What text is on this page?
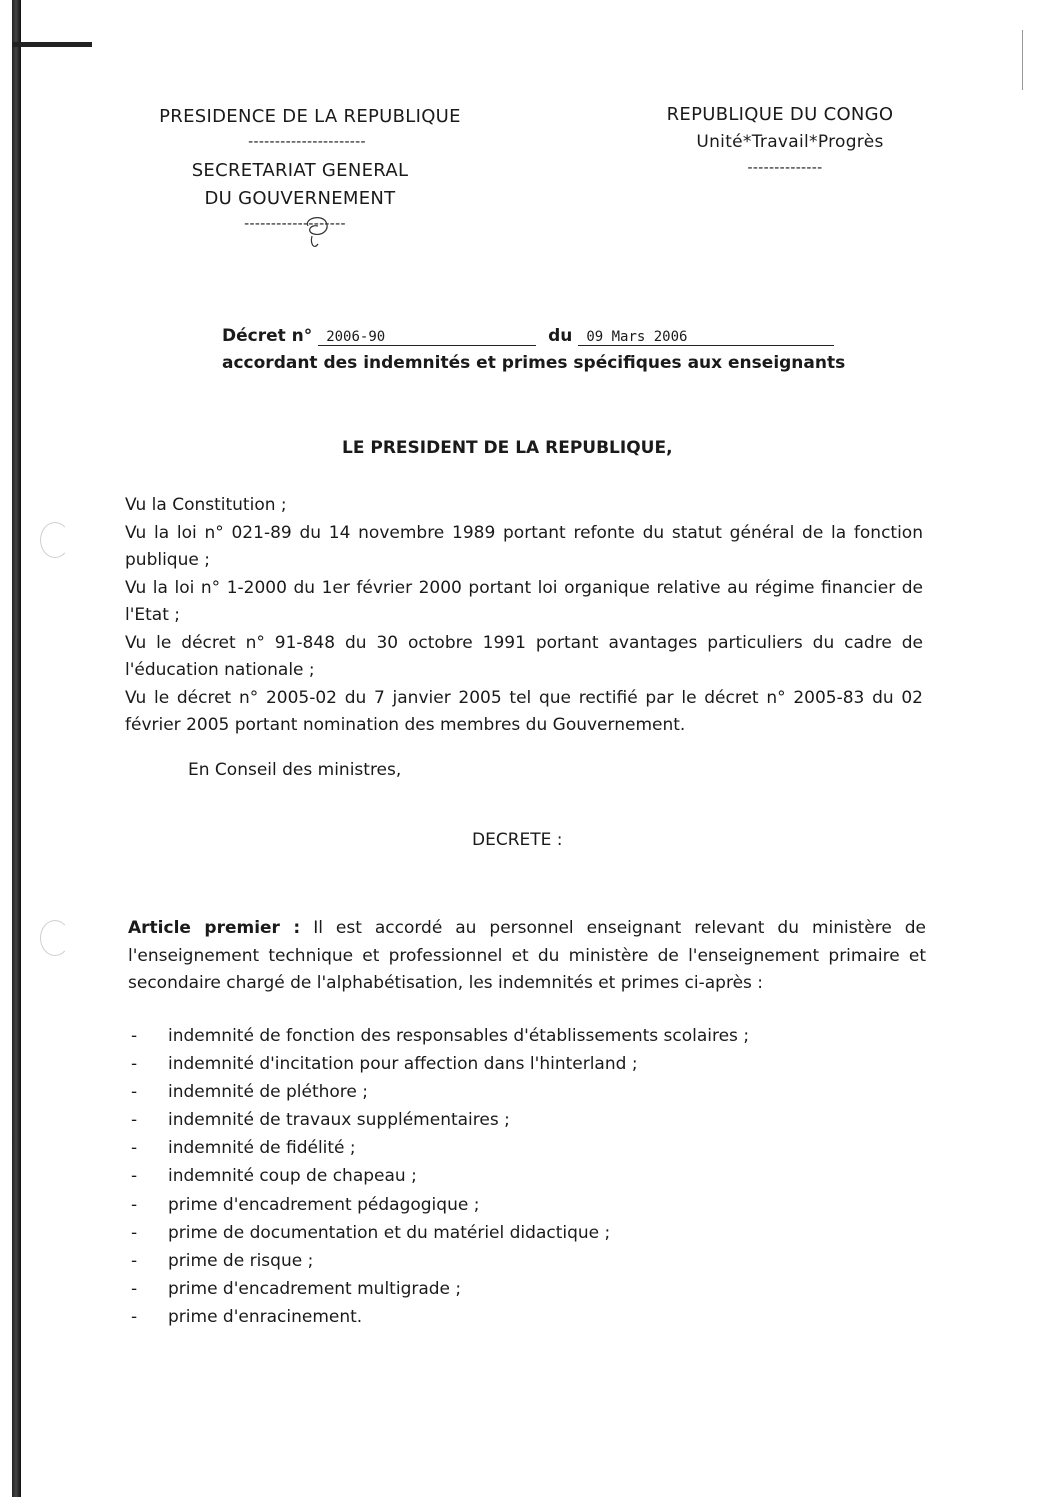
PRESIDENCE DE LA REPUBLIQUE
----------------------
SECRETARIAT GENERAL
DU GOUVERNEMENT
-------------------
REPUBLIQUE DU CONGO
Unité*Travail*Progrès
--------------
Décret n° 2006-90	du 09 Mars 2006
accordant des indemnités et primes spécifiques aux enseignants
LE PRESIDENT DE LA REPUBLIQUE,
Vu la Constitution ;
Vu la loi n° 021-89 du 14 novembre 1989 portant refonte du statut général de la fonction publique ;
Vu la loi n° 1-2000 du 1er février 2000 portant loi organique relative au régime financier de l'Etat ;
Vu le décret n° 91-848 du 30 octobre 1991 portant avantages particuliers du cadre de l'éducation nationale ;
Vu le décret n° 2005-02 du 7 janvier 2005 tel que rectifié par le décret n° 2005-83 du 02 février 2005 portant nomination des membres du Gouvernement.
En Conseil des ministres,
DECRETE :
Article premier : Il est accordé au personnel enseignant relevant du ministère de l'enseignement technique et professionnel et du ministère de l'enseignement primaire et secondaire chargé de l'alphabétisation, les indemnités et primes ci-après :
- indemnité de fonction des responsables d'établissements scolaires ;
- indemnité d'incitation pour affection dans l'hinterland ;
- indemnité de pléthore ;
- indemnité de travaux supplémentaires ;
- indemnité de fidélité ;
- indemnité coup de chapeau ;
- prime d'encadrement pédagogique ;
- prime de documentation et du matériel didactique ;
- prime de risque ;
- prime d'encadrement multigrade ;
- prime d'enracinement.
